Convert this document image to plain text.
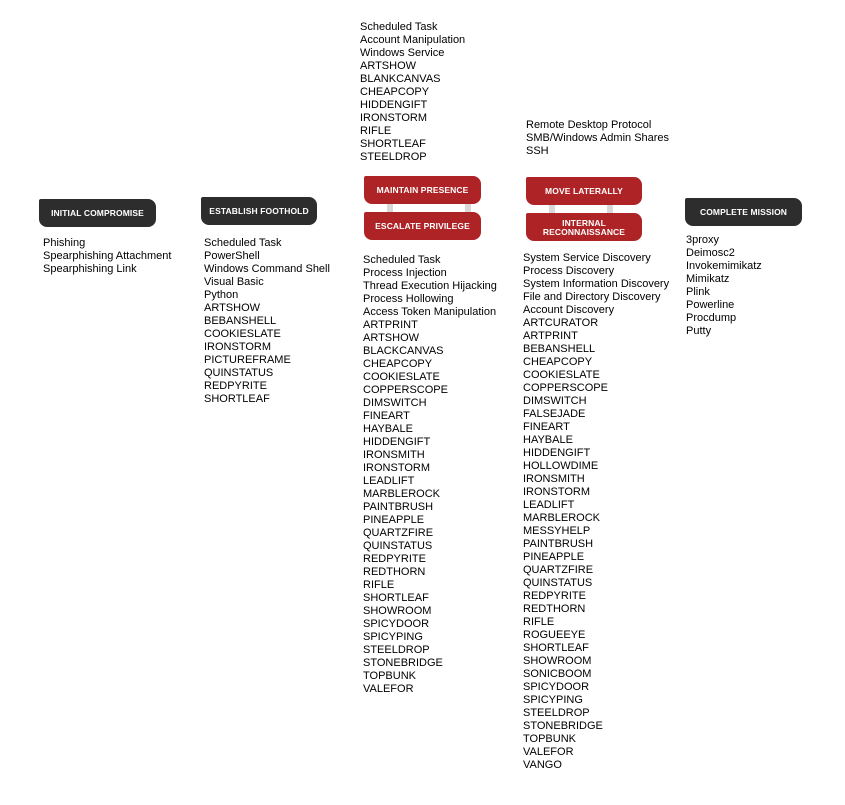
INITIAL COMPROMISE	ESTABLISH FOOTHOLD
MAINTAIN PRESENCE
ESCALATE PRIVILEGE
MOVE LATERALLY
INTERNAL RECONNAISSANCE
COMPLETE MISSION
Phishing
Spearphishing Attachment
Spearphishing Link
Scheduled Task
PowerShell
Windows Command Shell
Visual Basic
Python
ARTSHOW
BEBANSHELL
COOKIESLATE
IRONSTORM
PICTUREFRAME
QUINSTATUS
REDPYRITE
SHORTLEAF
Scheduled Task
Account Manipulation
Windows Service
ARTSHOW
BLANKCANVAS
CHEAPCOPY
HIDDENGIFT
IRONSTORM
RIFLE
SHORTLEAF
STEELDROP
Scheduled Task
Process Injection
Thread Execution Hijacking
Process Hollowing
Access Token Manipulation
ARTPRINT
ARTSHOW
BLACKCANVAS
CHEAPCOPY
COOKIESLATE
COPPERSCOPE
DIMSWITCH
FINEART
HAYBALE
HIDDENGIFT
IRONSMITH
IRONSTORM
LEADLIFT
MARBLEROCK
PAINTBRUSH
PINEAPPLE
QUARTZFIRE
QUINSTATUS
REDPYRITE
REDTHORN
RIFLE
SHORTLEAF
SHOWROOM
SPICYDOOR
SPICYPING
STEELDROP
STONEBRIDGE
TOPBUNK
VALEFOR
Remote Desktop Protocol
SMB/Windows Admin Shares
SSH
System Service Discovery
Process Discovery
System Information Discovery
File and Directory Discovery
Account Discovery
ARTCURATOR
ARTPRINT
BEBANSHELL
CHEAPCOPY
COOKIESLATE
COPPERSCOPE
DIMSWITCH
FALSEJADE
FINEART
HAYBALE
HIDDENGIFT
HOLLOWDIME
IRONSMITH
IRONSTORM
LEADLIFT
MARBLEROCK
MESSYHELP
PAINTBRUSH
PINEAPPLE
QUARTZFIRE
QUINSTATUS
REDPYRITE
REDTHORN
RIFLE
ROGUEEYE
SHORTLEAF
SHOWROOM
SONICBOOM
SPICYDOOR
SPICYPING
STEELDROP
STONEBRIDGE
TOPBUNK
VALEFOR
VANGO
3proxy
Deimosc2
Invokemimikatz
Mimikatz
Plink
Powerline
Procdump
Putty
